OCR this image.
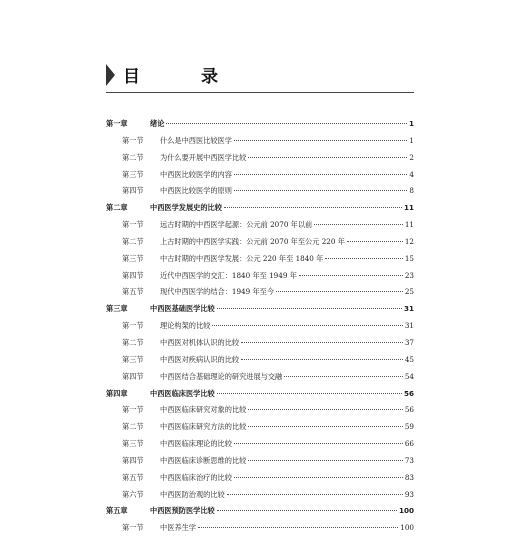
目　录
第一章	绪论	1
第一节	什么是中西医比较医学	1
第二节	为什么要开展中西医学比较	2
第三节	中西医比较医学的内容	4
第四节	中西医比较医学的原则	8
第二章	中西医学发展史的比较	11
第一节	远古时期的中西医学起源：公元前 2070 年以前	11
第二节	上古时期的中西医学实践：公元前 2070 年至公元 220 年	12
第三节	中古时期的中西医学发展：公元 220 年至 1840 年	15
第四节	近代中西医学的交汇：1840 年至 1949 年	23
第五节	现代中西医学的结合：1949 年至今	25
第三章	中西医基础医学比较	31
第一节	理论构架的比较	31
第二节	中西医对机体认识的比较	37
第三节	中西医对疾病认识的比较	45
第四节	中西医结合基础理论的研究进展与交融	54
第四章	中西医临床医学比较	56
第一节	中西医临床研究对象的比较	56
第二节	中西医临床研究方法的比较	59
第三节	中西医临床理论的比较	66
第四节	中西医临床诊断思维的比较	73
第五节	中西医临床治疗的比较	83
第六节	中西医防治观的比较	93
第五章	中西医预防医学比较	100
第一节	中医养生学	100
